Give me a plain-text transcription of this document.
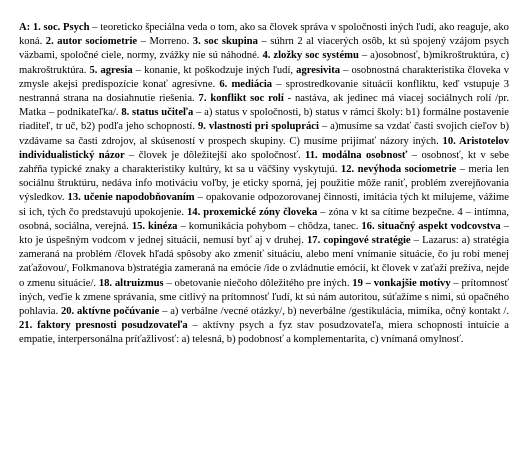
A: 1. soc. Psych – teoreticko špeciálna veda o tom, ako sa človek správa v spoločnosti iných ľudí, ako reaguje, ako koná. 2. autor sociometrie – Morreno. 3. soc skupina – súhrn 2 al viacerých osôb, kt sú spojený vzájom psych väzbami, spoločné ciele, normy, zvážky nie sú náhodné. 4. zložky soc systému – a)osobnosť, b)mikroštruktúra, c) makroštruktúra. 5. agresia – konanie, kt poškodzuje iných ľudí, agresivita – osobnostná charakteristika človeka v zmysle akejsi predispozície konať agresívne. 6. mediácia – sprostredkovanie situácii konfliktu, keď vstupuje 3 nestranná strana na dosiahnutie riešenia. 7. konflikt soc rolí - nastáva, ak jedinec má viacej sociálnych rolí /pr. Matka – podnikateľka/. 8. status učiteľa – a) status v spoločnosti, b) status v rámci školy: b1) formálne postavenie riaditeľ, tr uč, b2) podľa jeho schopností. 9. vlastnosti pri spolupráci – a)musíme sa vzdať časti svojich cieľov b) vzdávame sa časti zdrojov, al skúseností v prospech skupiny. C) musíme prijímať názory iných. 10. Aristotelov individualistický názor – človek je dôležitejší ako spoločnosť. 11. modálna osobnosť – osobnosť, kt v sebe zahŕňa typické znaky a charakteristiky kultúry, kt sa u väčšiny vyskytujú. 12. nevýhoda sociometrie – meria len sociálnu štruktúru, nedáva info motiváciu voľby, je eticky sporná, jej použitie môže raniť, problém zverejňovania výsledkov. 13. učenie napodobňovaním – opakovanie odpozorovanej činnosti, imitácia tých kt milujeme, vážime si ich, tých čo predstavujú upokojenie. 14. proxemické zóny človeka – zóna v kt sa cítime bezpečne. 4 – intímna, osobná, sociálna, verejná. 15. kinéza – komunikácia pohybom – chôdza, tanec. 16. situačný aspekt vodcovstva – kto je úspešným vodcom v jednej situácii, nemusí byť aj v druhej. 17. copingové stratégie – Lazarus: a) stratégia zameraná na problém /človek hľadá spôsoby ako zmeniť situáciu, alebo mení vnímanie situácie, čo ju robí menej zaťažovou/, Folkmanova b)stratégia zameraná na emócie /ide o zvládnutie emócií, kt človek v zaťaží prežíva, nejde o zmenu situácie/. 18. altruizmus – obetovanie niečoho dôležitého pre iných. 19 – vonkajšie motívy – prítomnosť iných, veďie k zmene správania, sme citlivý na prítomnosť ľudí, kt sú nám autoritou, súťažíme s nimi, sú opačného pohlavia. 20. aktívne počúvanie – a) verbálne /vecné otázky/, b) neverbálne /gestikulácia, mimika, očný kontakt /. 21. faktory presnosti posudzovateľa – aktívny psych a fyz stav posudzovateľa, miera schopnosti intuície a empatie, interpersonálna príťažlivosť: a) telesná, b) podobnosť a komplementarita, c) vnímaná omylnosť.
